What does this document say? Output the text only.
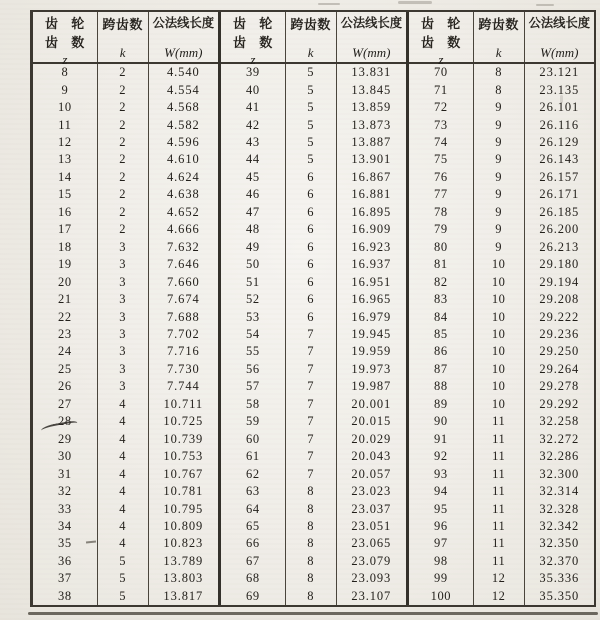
齿 轮
齿 数
z
跨齿数
k
公法线长度
W(mm)
8	2	4.540
9	2	4.554
10	2	4.568
11	2	4.582
12	2	4.596
13	2	4.610
14	2	4.624
15	2	4.638
16	2	4.652
17	2	4.666
18	3	7.632
19	3	7.646
20	3	7.660
21	3	7.674
22	3	7.688
23	3	7.702
24	3	7.716
25	3	7.730
26	3	7.744
27	4	10.711
28	4	10.725
29	4	10.739
30	4	10.753
31	4	10.767
32	4	10.781
33	4	10.795
34	4	10.809
35	4	10.823
36	5	13.789
37	5	13.803
38	5	13.817
齿 轮
齿 数
z
跨齿数
k
公法线长度
W(mm)
39	5	13.831
40	5	13.845
41	5	13.859
42	5	13.873
43	5	13.887
44	5	13.901
45	6	16.867
46	6	16.881
47	6	16.895
48	6	16.909
49	6	16.923
50	6	16.937
51	6	16.951
52	6	16.965
53	6	16.979
54	7	19.945
55	7	19.959
56	7	19.973
57	7	19.987
58	7	20.001
59	7	20.015
60	7	20.029
61	7	20.043
62	7	20.057
63	8	23.023
64	8	23.037
65	8	23.051
66	8	23.065
67	8	23.079
68	8	23.093
69	8	23.107
齿 轮
齿 数
z
跨齿数
k
公法线长度
W(mm)
70	8	23.121
71	8	23.135
72	9	26.101
73	9	26.116
74	9	26.129
75	9	26.143
76	9	26.157
77	9	26.171
78	9	26.185
79	9	26.200
80	9	26.213
81	10	29.180
82	10	29.194
83	10	29.208
84	10	29.222
85	10	29.236
86	10	29.250
87	10	29.264
88	10	29.278
89	10	29.292
90	11	32.258
91	11	32.272
92	11	32.286
93	11	32.300
94	11	32.314
95	11	32.328
96	11	32.342
97	11	32.350
98	11	32.370
99	12	35.336
100	12	35.350
